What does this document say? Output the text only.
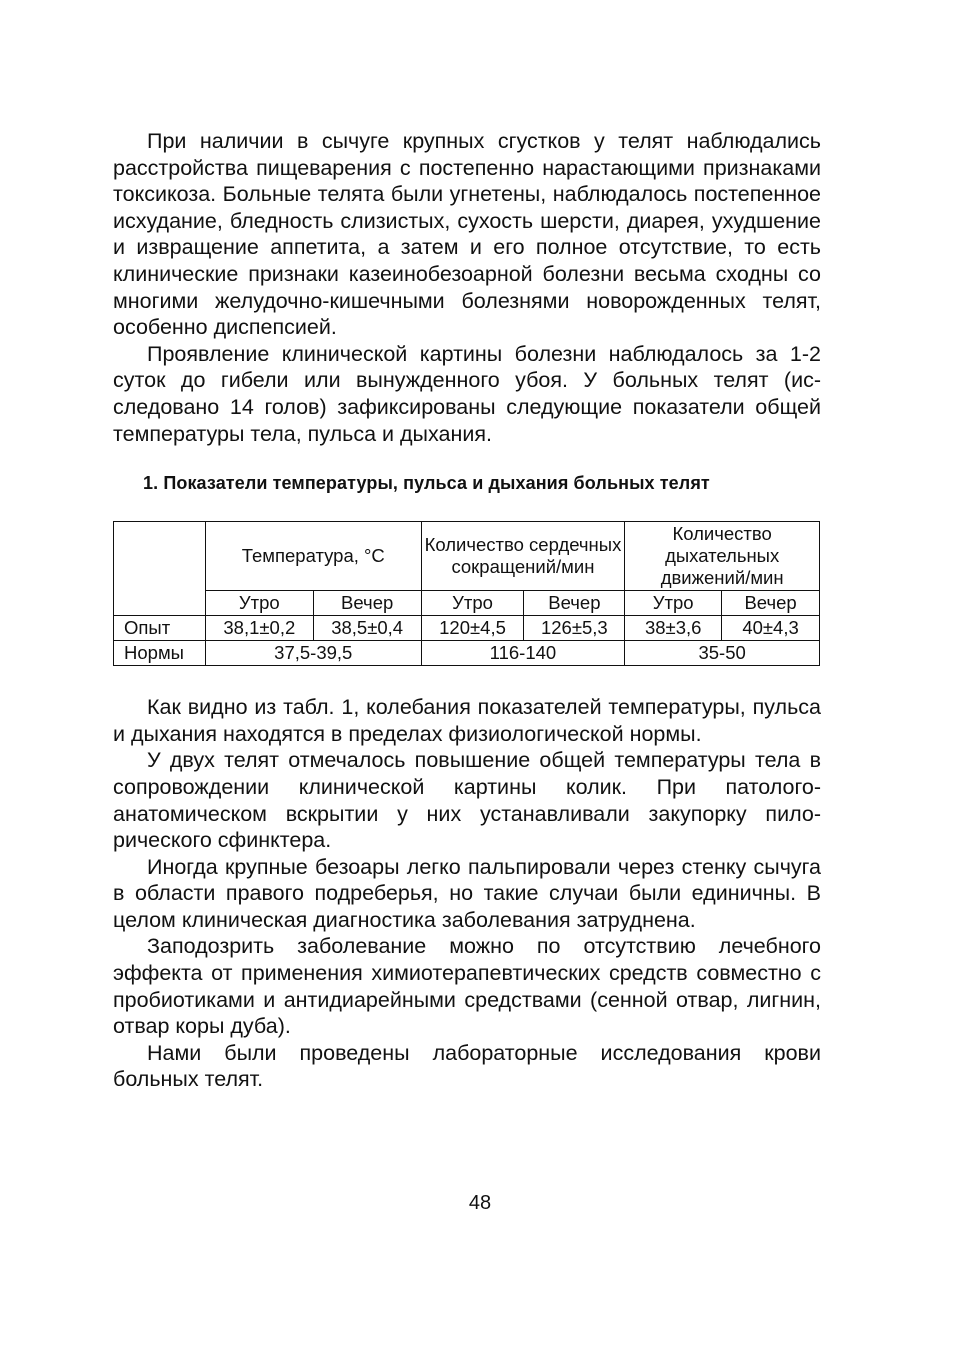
При наличии в сычуге крупных сгустков у телят наблюдались расстройства пищеварения с постепенно нарастающими признаками токсикоза. Больные телята были угнетены, наблюдалось постепенное исхудание, бледность слизистых, сухость шерсти, диарея, ухудшение и извращение аппетита, а затем и его полное отсутствие, то есть клинические признаки казеинобезоарной болезни весьма сходны со многими желудочно-кишечными болезнями новорожденных телят, особенно диспепсией.

Проявление клинической картины болезни наблюдалось за 1-2 суток до гибели или вынужденного убоя. У больных телят (исследовано 14 голов) зафиксированы следующие показатели общей температуры тела, пульса и дыхания.

1. Показатели температуры, пульса и дыхания больных телят
	Температура, °С		Количество сердечных сокращений/мин		Количество дыхательных движений/мин	
	Утро	Вечер	Утро	Вечер	Утро	Вечер
Опыт	38,1±0,2	38,5±0,4	120±4,5	126±5,3	38±3,6	40±4,3
Нормы	37,5-39,5		116-140		35-50	

Как видно из табл. 1, колебания показателей температуры, пульса и дыхания находятся в пределах физиологической нормы.

У двух телят отмечалось повышение общей температуры тела в сопровождении клинической картины колик. При патологоанатомическом вскрытии у них устанавливали закупорку пилорического сфинктера.

Иногда крупные безоары легко пальпировали через стенку сычуга в области правого подреберья, но такие случаи были единичны. В целом клиническая диагностика заболевания затруднена.

Заподозрить заболевание можно по отсутствию лечебного эффекта от применения химиотерапевтических средств совместно с пробиотиками и антидиарейными средствами (сенной отвар, лигнин, отвар коры дуба).

Нами были проведены лабораторные исследования крови больных телят.

48
